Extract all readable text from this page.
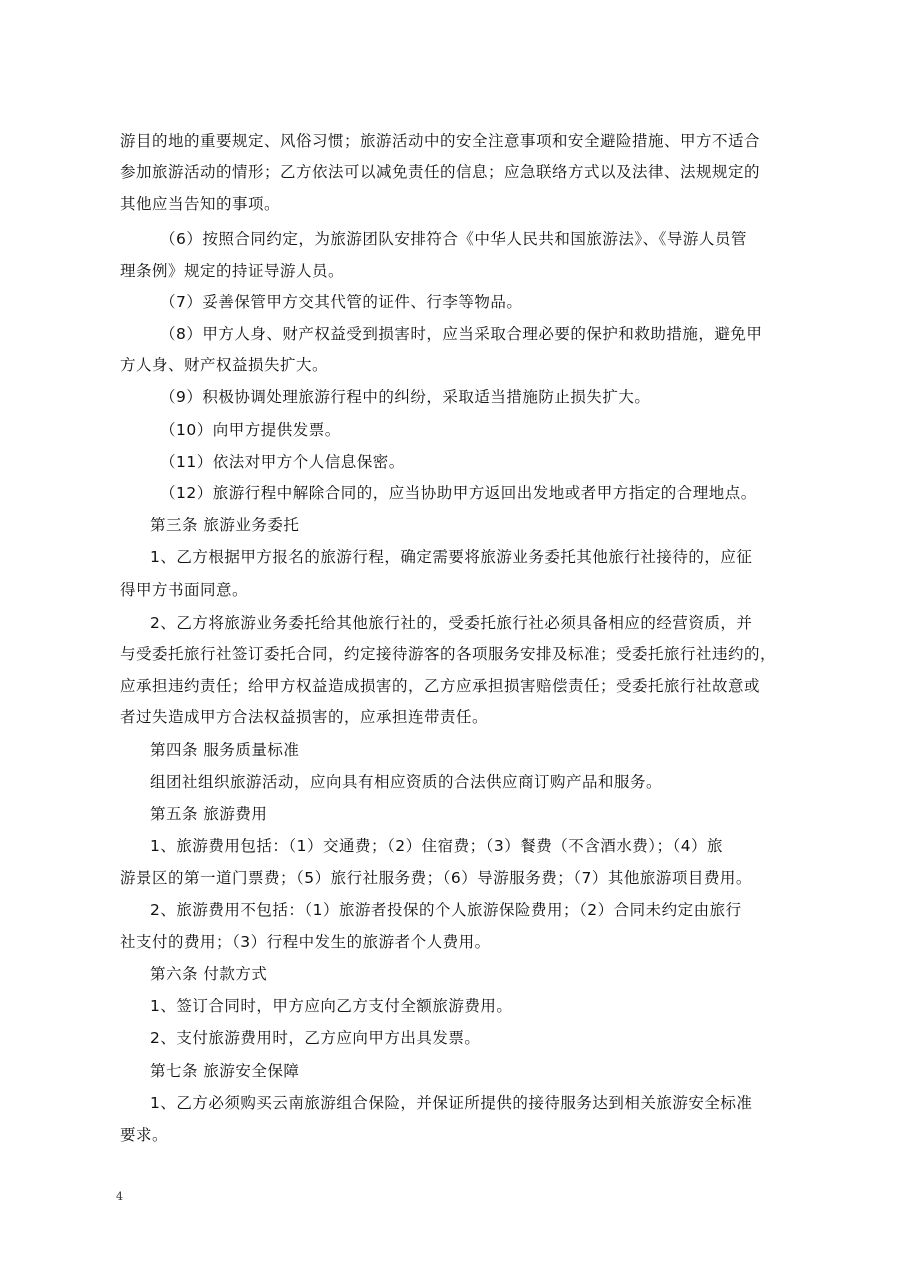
游目的地的重要规定、风俗习惯；旅游活动中的安全注意事项和安全避险措施、甲方不适合
参加旅游活动的情形；乙方依法可以减免责任的信息；应急联络方式以及法律、法规规定的
其他应当告知的事项。
（6）按照合同约定，为旅游团队安排符合《中华人民共和国旅游法》、《导游人员管
理条例》规定的持证导游人员。
（7）妥善保管甲方交其代管的证件、行李等物品。
（8）甲方人身、财产权益受到损害时，应当采取合理必要的保护和救助措施，避免甲
方人身、财产权益损失扩大。
（9）积极协调处理旅游行程中的纠纷，采取适当措施防止损失扩大。
（10）向甲方提供发票。
（11）依法对甲方个人信息保密。
（12）旅游行程中解除合同的，应当协助甲方返回出发地或者甲方指定的合理地点。
第三条 旅游业务委托
1、乙方根据甲方报名的旅游行程，确定需要将旅游业务委托其他旅行社接待的，应征
得甲方书面同意。
2、乙方将旅游业务委托给其他旅行社的，受委托旅行社必须具备相应的经营资质，并
与受委托旅行社签订委托合同，约定接待游客的各项服务安排及标准；受委托旅行社违约的，
应承担违约责任；给甲方权益造成损害的，乙方应承担损害赔偿责任；受委托旅行社故意或
者过失造成甲方合法权益损害的，应承担连带责任。
第四条 服务质量标准
组团社组织旅游活动，应向具有相应资质的合法供应商订购产品和服务。
第五条 旅游费用
1、旅游费用包括：（1）交通费；（2）住宿费；（3）餐费（不含酒水费）；（4）旅
游景区的第一道门票费；（5）旅行社服务费；（6）导游服务费；（7）其他旅游项目费用。
2、旅游费用不包括：（1）旅游者投保的个人旅游保险费用；（2）合同未约定由旅行
社支付的费用；（3）行程中发生的旅游者个人费用。
第六条 付款方式
1、签订合同时，甲方应向乙方支付全额旅游费用。
2、支付旅游费用时，乙方应向甲方出具发票。
第七条 旅游安全保障
1、乙方必须购买云南旅游组合保险，并保证所提供的接待服务达到相关旅游安全标准
要求。
4
